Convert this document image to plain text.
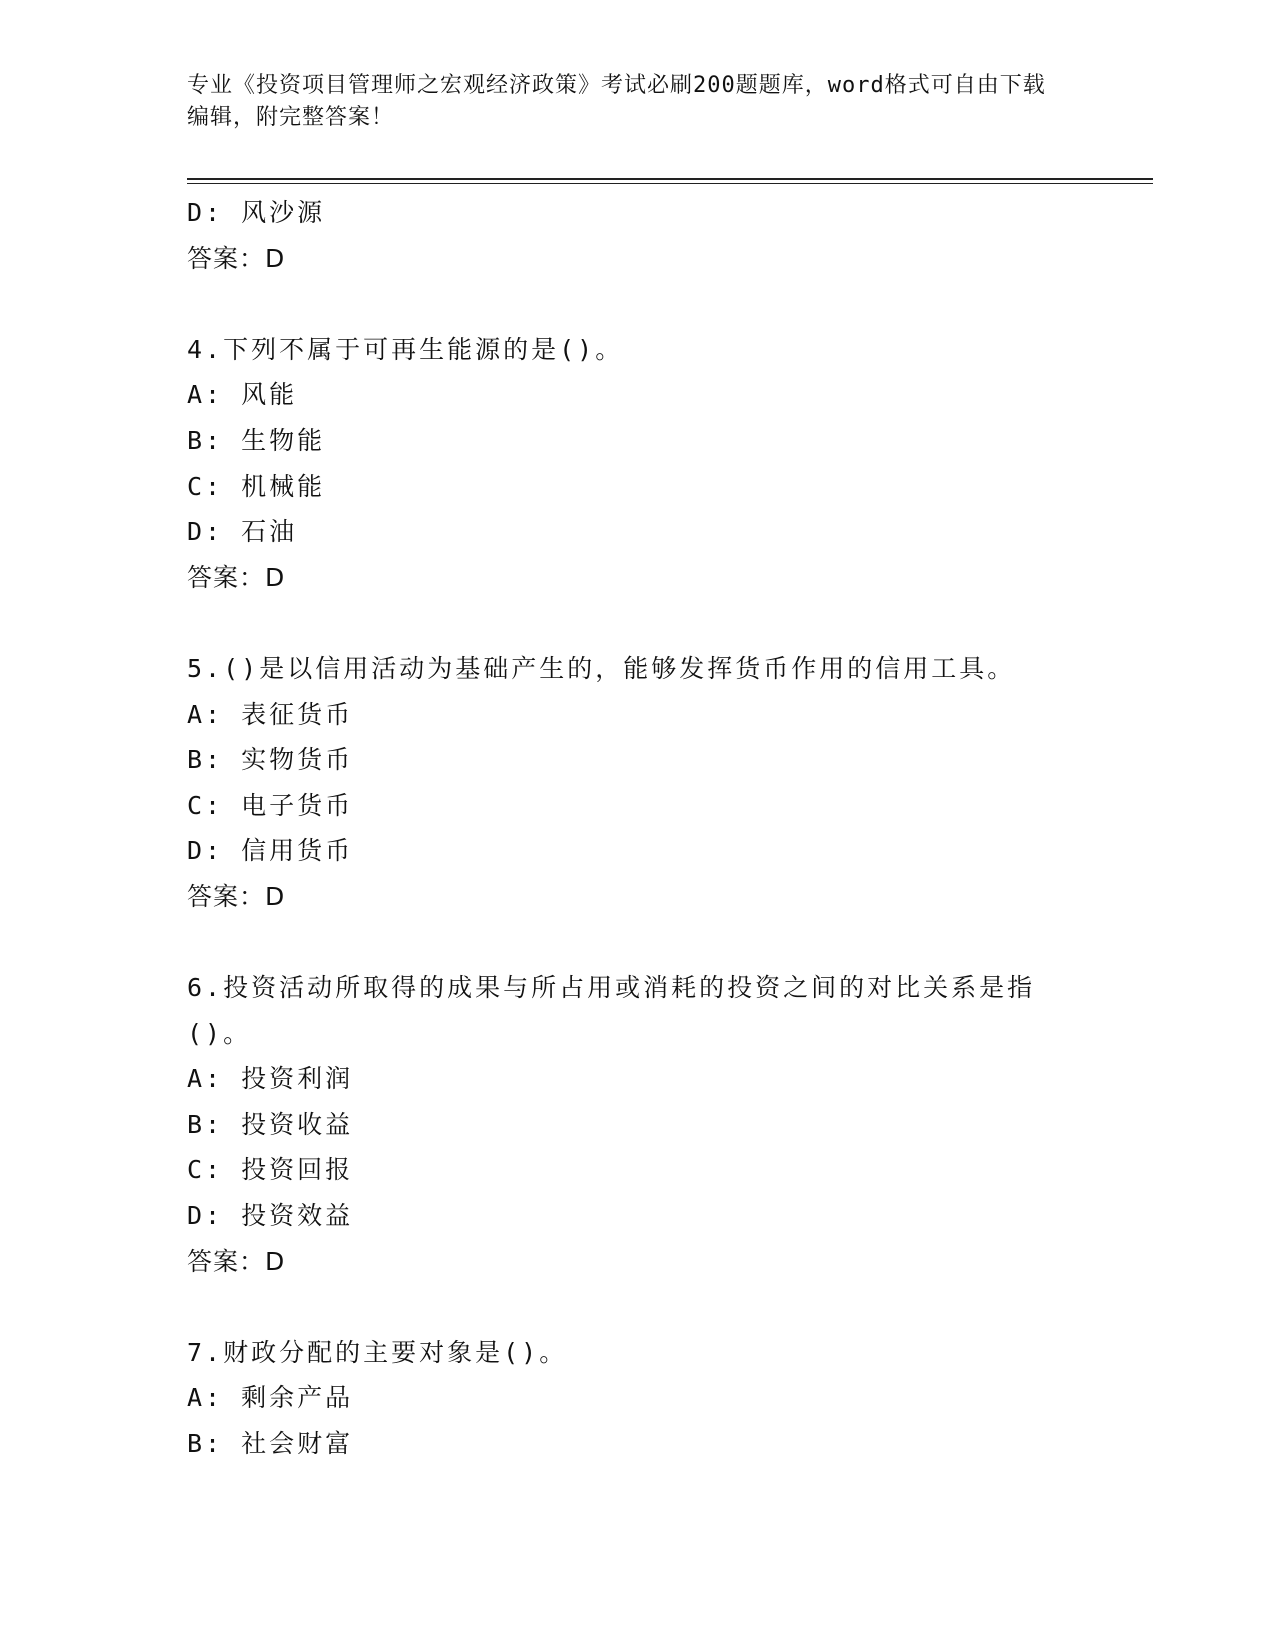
专业《投资项目管理师之宏观经济政策》考试必刷200题题库，word格式可自由下载编辑，附完整答案！
D: 风沙源
答案：D
4.下列不属于可再生能源的是()。
A: 风能
B: 生物能
C: 机械能
D: 石油
答案：D
5.()是以信用活动为基础产生的，能够发挥货币作用的信用工具。
A: 表征货币
B: 实物货币
C: 电子货币
D: 信用货币
答案：D
6.投资活动所取得的成果与所占用或消耗的投资之间的对比关系是指()。
A: 投资利润
B: 投资收益
C: 投资回报
D: 投资效益
答案：D
7.财政分配的主要对象是()。
A: 剩余产品
B: 社会财富
